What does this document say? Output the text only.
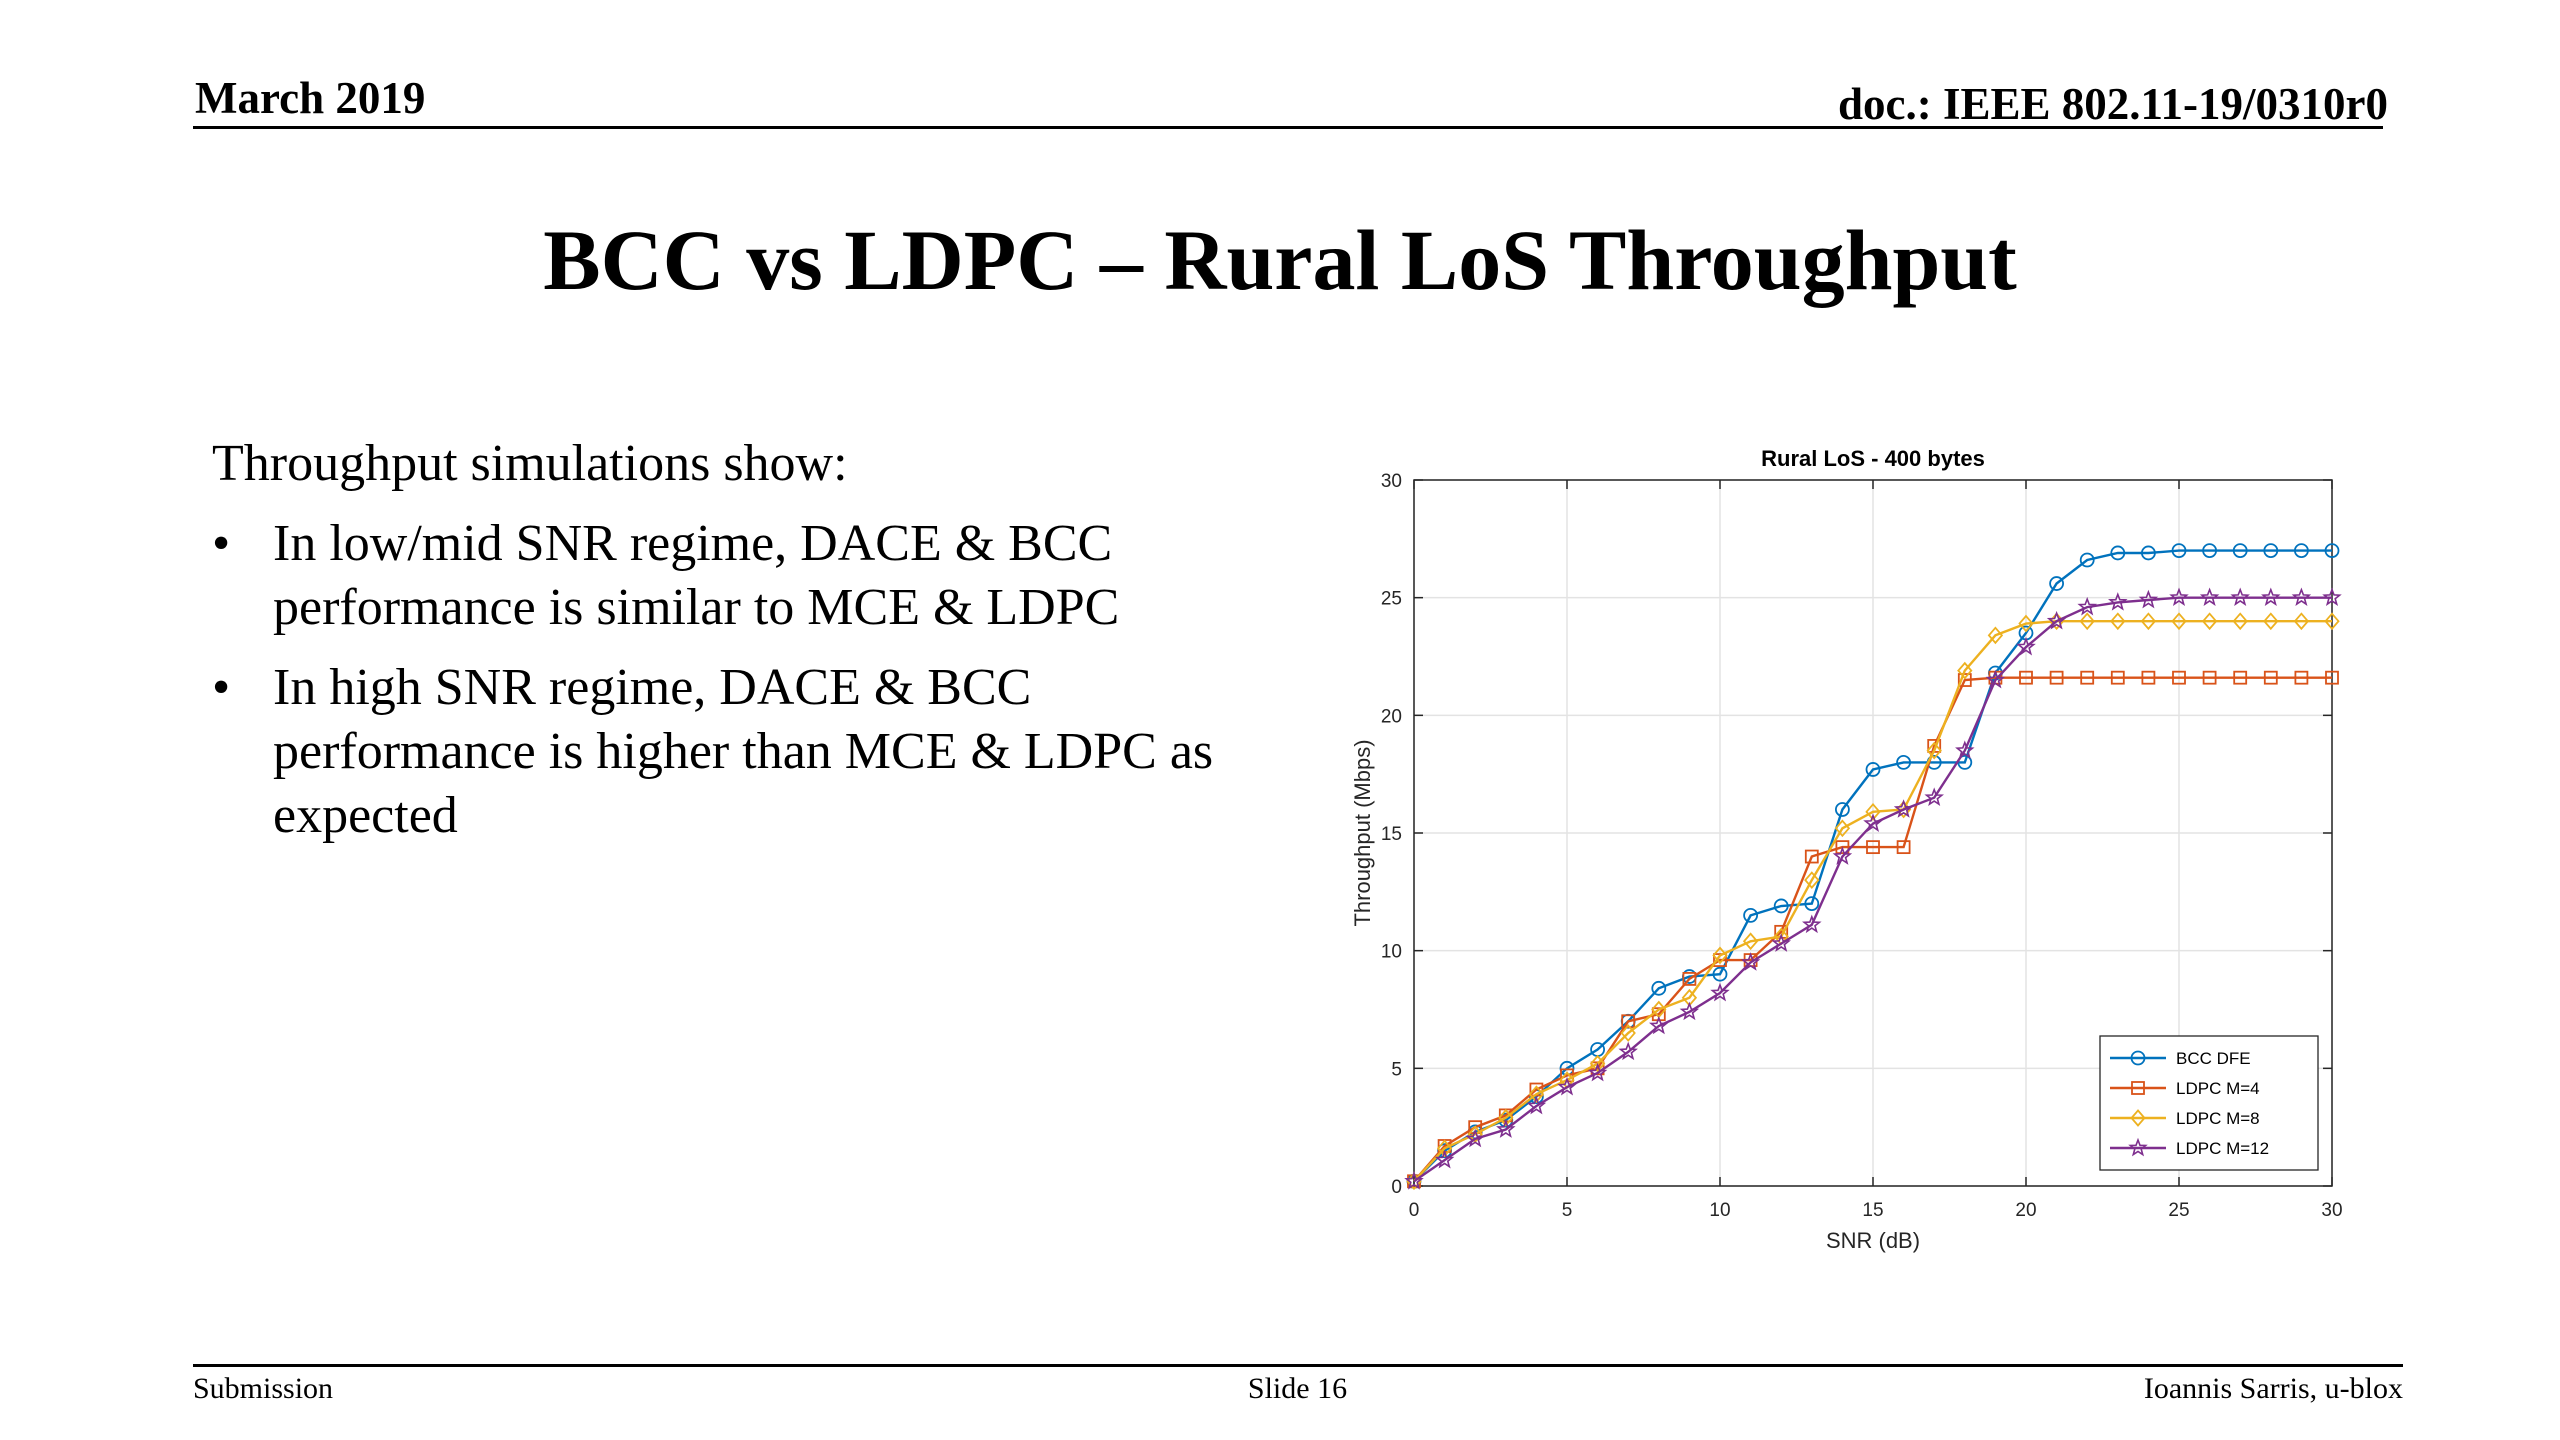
March 2019	doc.: IEEE 802.11-19/0310r0
BCC vs LDPC – Rural LoS Throughput

Throughput simulations show:

• In low/mid SNR regime, DACE & BCC performance is similar to MCE & LDPC
• In high SNR regime, DACE & BCC performance is higher than MCE & LDPC as expected
0	5	10	15	20	25	30
0
5
10
15
20
25
30
Rural LoS - 400 bytes
SNR (dB)
Throughput (Mbps)
BCC DFE
LDPC M=4
LDPC M=8
LDPC M=12
Submission	Slide 16	Ioannis Sarris, u-blox
